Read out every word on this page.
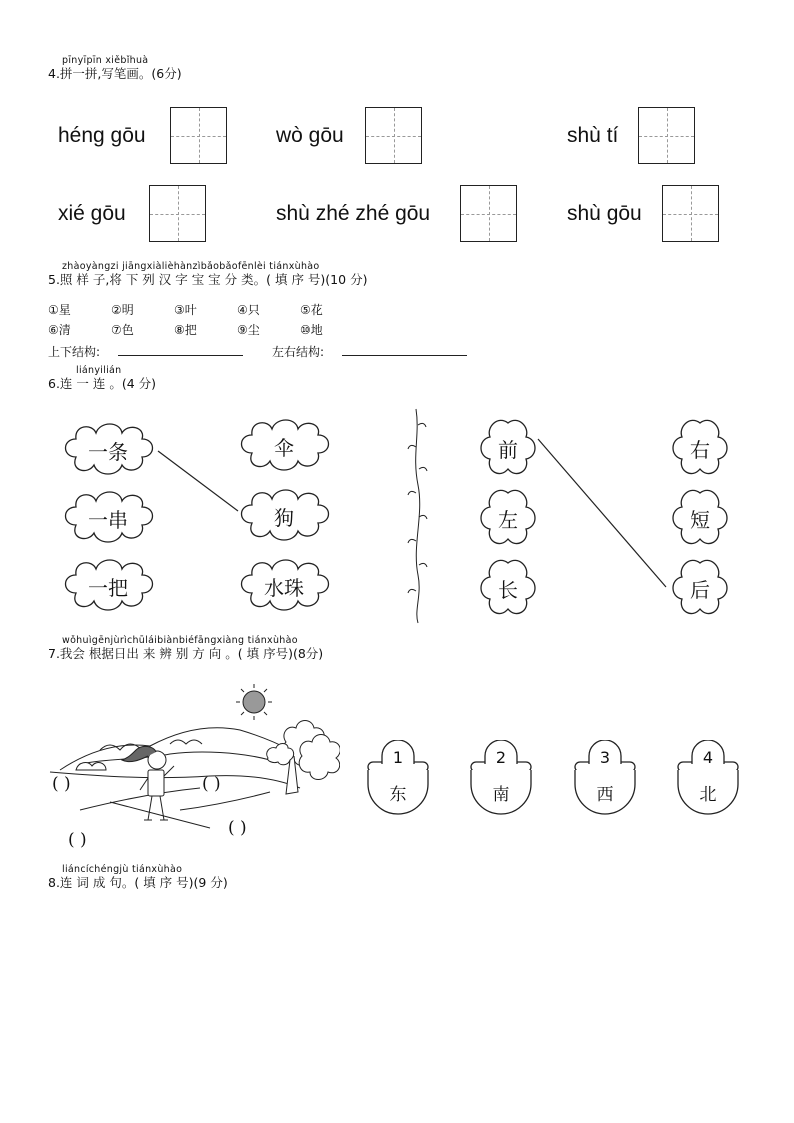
pīnyīpīn xiěbǐhuà
4.拼一拼,写笔画。(6分)
héng gōu	wò gōu	shù tí
xié gōu	shù zhé zhé gōu	shù gōu
zhàoyàngzi jiāngxiàlièhànzìbǎobǎofēnlèi tiánxùhào
5.照 样 子,将 下 列 汉 字 宝 宝 分 类。( 填 序 号)(10 分)
①星	②明	③叶	④只	⑤花
⑥清	⑦色	⑧把	⑨尘	⑩地
上下结构:	左右结构:
liányilián
6.连 一 连 。(4 分)
一条
一串
一把
伞
狗
水珠
前
左
长
右
短
后
wǒhuìgēnjùrìchūláibiànbiéfāngxiàng tiánxùhào
7.我会 根据日出 来 辨 别 方 向 。( 填 序号)(8分)
( )	( )
( )
( )
1
东
2
南
3
西
4
北
liáncíchéngjù tiánxùhào
8.连 词 成 句。( 填 序 号)(9 分)
